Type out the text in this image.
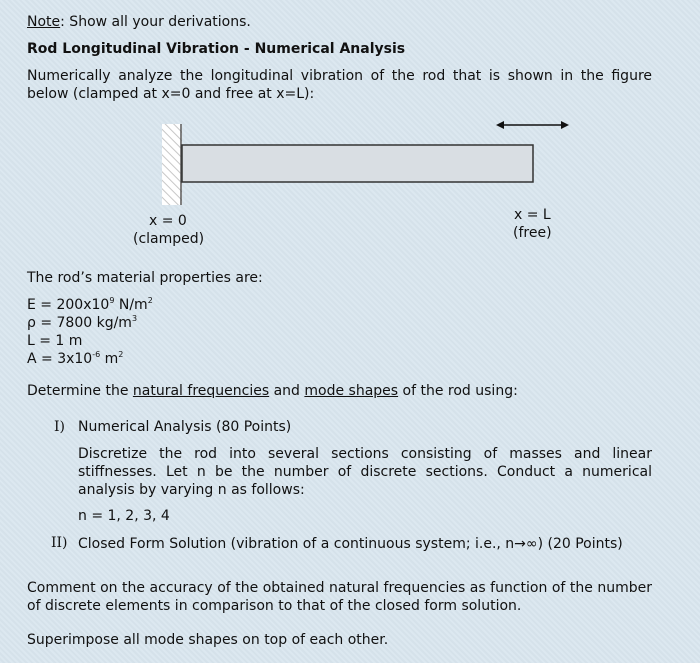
Note: Show all your derivations.
Rod Longitudinal Vibration - Numerical Analysis
Numerically analyze the longitudinal vibration of the rod that is shown in the figure below (clamped at x=0 and free at x=L):
x = 0
(clamped)
x = L
(free)
The rod’s material properties are:
$E = 200x10^9$ $N/m^2$
ρ = 7800 $kg/m^3$
L = 1 m
$A = 3x10^{-6}$ $m^2$
Determine the natural frequencies and mode shapes of the rod using:
I) Numerical Analysis (80 Points)
Discretize the rod into several sections consisting of masses and linear stiffnesses. Let n be the number of discrete sections. Conduct a numerical analysis by varying n as follows:
n = 1, 2, 3, 4
II) Closed Form Solution (vibration of a continuous system; i.e., n→∞) (20 Points)
Comment on the accuracy of the obtained natural frequencies as function of the number of discrete elements in comparison to that of the closed form solution.
Superimpose all mode shapes on top of each other.
